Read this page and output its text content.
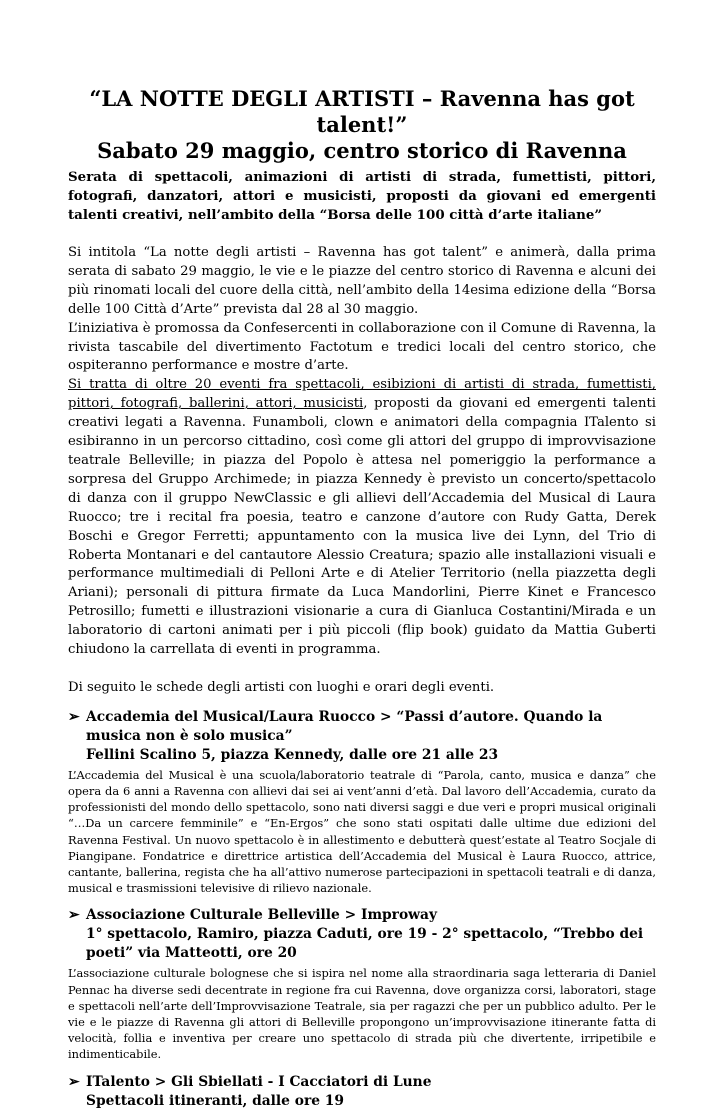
“LA NOTTE DEGLI ARTISTI – Ravenna has got talent!”
Sabato 29 maggio, centro storico di Ravenna

Serata di spettacoli, animazioni di artisti di strada, fumettisti, pittori, fotografi, danzatori, attori e musicisti, proposti da giovani ed emergenti talenti creativi, nell’ambito della “Borsa delle 100 città d’arte italiane”

Si intitola “La notte degli artisti – Ravenna has got talent” e animerà, dalla prima serata di sabato 29 maggio, le vie e le piazze del centro storico di Ravenna e alcuni dei più rinomati locali del cuore della città, nell’ambito della 14esima edizione della “Borsa delle 100 Città d’Arte” prevista dal 28 al 30 maggio.

L’iniziativa è promossa da Confesercenti in collaborazione con il Comune di Ravenna, la rivista tascabile del divertimento Factotum e tredici locali del centro storico, che ospiteranno performance e mostre d’arte.

Si tratta di oltre 20 eventi fra spettacoli, esibizioni di artisti di strada, fumettisti, pittori, fotografi, ballerini, attori, musicisti, proposti da giovani ed emergenti talenti creativi legati a Ravenna. Funamboli, clown e animatori della compagnia ITalento si esibiranno in un percorso cittadino, così come gli attori del gruppo di improvvisazione teatrale Belleville; in piazza del Popolo è attesa nel pomeriggio la performance a sorpresa del Gruppo Archimede; in piazza Kennedy è previsto un concerto/spettacolo di danza con il gruppo NewClassic e gli allievi dell’Accademia del Musical di Laura Ruocco; tre i recital fra poesia, teatro e canzone d’autore con Rudy Gatta, Derek Boschi e Gregor Ferretti; appuntamento con la musica live dei Lynn, del Trio di Roberta Montanari e del cantautore Alessio Creatura; spazio alle installazioni visuali e performance multimediali di Pelloni Arte e di Atelier Territorio (nella piazzetta degli Ariani); personali di pittura firmate da Luca Mandorlini, Pierre Kinet e Francesco Petrosillo; fumetti e illustrazioni visionarie a cura di Gianluca Costantini/Mirada e un laboratorio di cartoni animati per i più piccoli (flip book) guidato da Mattia Guberti chiudono la carrellata di eventi in programma.

Di seguito le schede degli artisti con luoghi e orari degli eventi.

➢ Accademia del Musical/Laura Ruocco > “Passi d’autore. Quando la musica non è solo musica”
Fellini Scalino 5, piazza Kennedy, dalle ore 21 alle 23

L’Accademia del Musical è una scuola/laboratorio teatrale di “Parola, canto, musica e danza” che opera da 6 anni a Ravenna con allievi dai sei ai vent’anni d’età. Dal lavoro dell’Accademia, curato da professionisti del mondo dello spettacolo, sono nati diversi saggi e due veri e propri musical originali “…Da un carcere femminile” e “En-Ergos” che sono stati ospitati dalle ultime due edizioni del Ravenna Festival. Un nuovo spettacolo è in allestimento e debutterà quest’estate al Teatro Socjale di Piangipane. Fondatrice e direttrice artistica dell’Accademia del Musical è Laura Ruocco, attrice, cantante, ballerina, regista che ha all’attivo numerose partecipazioni in spettacoli teatrali e di danza, musical e trasmissioni televisive di rilievo nazionale.

➢ Associazione Culturale Belleville > Improway
1° spettacolo, Ramiro, piazza Caduti, ore 19 - 2° spettacolo, “Trebbo dei poeti” via Matteotti, ore 20

L’associazione culturale bolognese che si ispira nel nome alla straordinaria saga letteraria di Daniel Pennac ha diverse sedi decentrate in regione fra cui Ravenna, dove organizza corsi, laboratori, stage e spettacoli nell’arte dell’Improvvisazione Teatrale, sia per ragazzi che per un pubblico adulto. Per le vie e le piazze di Ravenna gli attori di Belleville propongono un’improvvisazione itinerante fatta di velocità, follia e inventiva per creare uno spettacolo di strada più che divertente, irripetibile e indimenticabile.

➢ ITalento > Gli Sbiellati - I Cacciatori di Lune
Spettacoli itineranti, dalle ore 19
